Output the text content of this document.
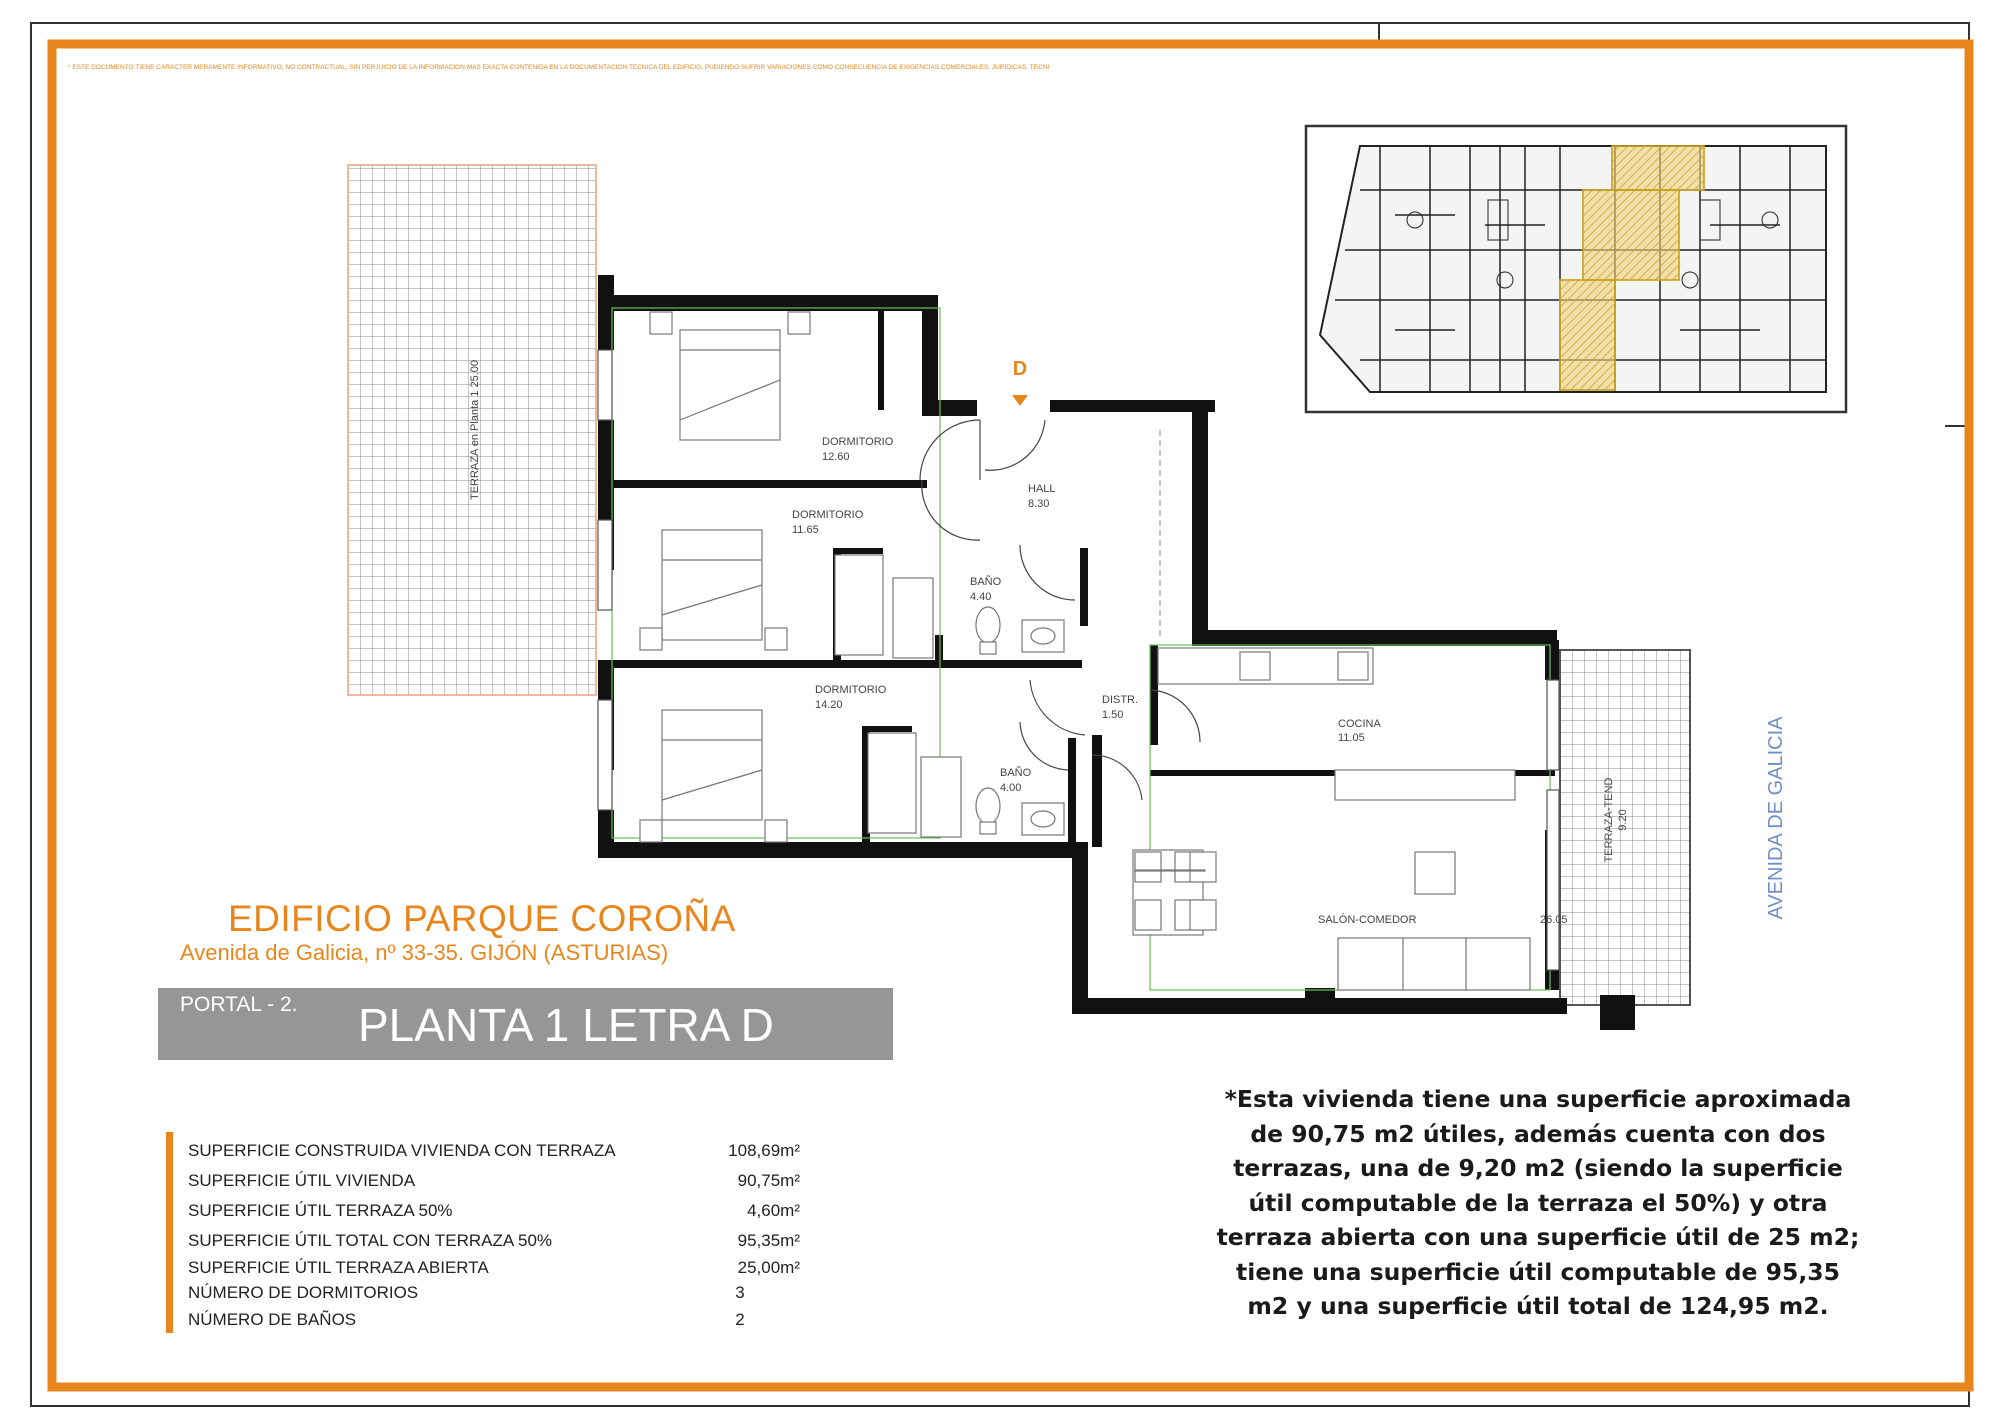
* ESTE DOCUMENTO TIENE CARÁCTER MERAMENTE INFORMATIVO, NO CONTRACTUAL, SIN PERJUICIO DE LA INFORMACIÓN MÁS EXACTA CONTENIDA EN LA DOCUMENTACIÓN TÉCNICA DEL EDIFICIO, PUDIENDO SUFRIR VARIACIONES COMO CONSECUENCIA DE EXIGENCIAS COMERCIALES, JURÍDICAS, TÉCNI
TERRAZA en Planta 1 25.00
TERRAZA-TEND 9.20
D
DORMITORIO
12.60
DORMITORIO
11.65
HALL
8.30
BAÑO
4.40
DORMITORIO
14.20	DISTR.
1.50
BAÑO
4.00
COCINA
11.05
SALÓN-COMEDOR	26.05
AVENIDA DE GALICIA
EDIFICIO PARQUE COROÑA
Avenida de Galicia, nº 33-35. GIJÓN (ASTURIAS)
PORTAL - 2. PLANTA 1 LETRA D
SUPERFICIE CONSTRUIDA VIVIENDA CON TERRAZA	108,69m²
SUPERFICIE ÚTIL VIVIENDA	90,75m²
SUPERFICIE ÚTIL TERRAZA 50%	4,60m²
SUPERFICIE ÚTIL TOTAL CON TERRAZA 50%	95,35m²
SUPERFICIE ÚTIL TERRAZA ABIERTA	25,00m²
NÚMERO DE DORMITORIOS	3
NÚMERO DE BAÑOS	2
*Esta vivienda tiene una superficie aproximada
de 90,75 m2 útiles, además cuenta con dos
terrazas, una de 9,20 m2 (siendo la superficie
útil computable de la terraza el 50%) y otra
terraza abierta con una superficie útil de 25 m2;
tiene una superficie útil computable de 95,35
m2 y una superficie útil total de 124,95 m2.
